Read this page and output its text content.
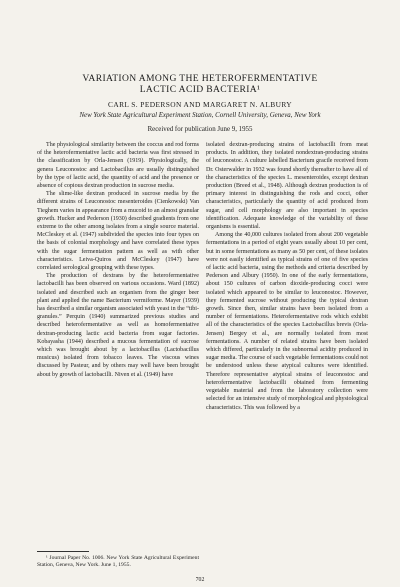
VARIATION AMONG THE HETEROFERMENTATIVE
LACTIC ACID BACTERIA¹
CARL S. PEDERSON AND MARGARET N. ALBURY
New York State Agricultural Experiment Station, Cornell University, Geneva, New York
Received for publication June 9, 1955

The physiological similarity between the coccus and rod forms of the heterofermentative lactic acid bacteria was first stressed in the classification by Orla-Jensen (1919). Physiologically, the genera Leuconostoc and Lactobacillus are usually distinguished by the type of lactic acid, the quantity of acid and the presence or absence of copious dextran production in sucrose media.

The slime-like dextran produced in sucrose media by the different strains of Leuconostoc mesenteroides (Cienkowski) Van Tieghem varies in appearance from a mucoid to an almost granular growth. Hucker and Pederson (1930) described gradients from one extreme to the other among isolates from a single source material. McCleskey et al. (1947) subdivided the species into four types on the basis of colonial morphology and have correlated these types with the sugar fermentation pattern as well as with other characteristics. Leiva-Quiros and McCleskey (1947) have correlated serological grouping with these types.

The production of dextrans by the heterofermentative lactobacilli has been observed on various occasions. Ward (1892) isolated and described such an organism from the ginger beer plant and applied the name Bacterium vermiforme. Mayer (1939) has described a similar organism associated with yeast in the “tibi-granules.” Perquin (1940) summarized previous studies and described heterofermentative as well as homofermentative dextran-producing lactic acid bacteria from sugar factories. Kobayasha (1944) described a mucous fermentation of sucrose which was brought about by a lactobacillus (Lactobacillus musicus) isolated from tobacco leaves. The viscous wines discussed by Pasteur, and by others may well have been brought about by growth of lactobacilli. Niven et al. (1949) have

isolated dextran-producing strains of lactobacilli from meat products. In addition, they isolated nondextran-producing strains of leuconostoc. A culture labelled Bacterium gracile received from Dr. Osterwalder in 1932 was found shortly thereafter to have all of the characteristics of the species L. mesenteroides, except dextran production (Breed et al., 1948). Although dextran production is of primary interest in distinguishing the rods and cocci, other characteristics, particularly the quantity of acid produced from sugar, and cell morphology are also important in species identification. Adequate knowledge of the variability of these organisms is essential.

Among the 40,000 cultures isolated from about 200 vegetable fermentations in a period of eight years usually about 10 per cent, but in some fermentations as many as 50 per cent, of these isolates were not easily identified as typical strains of one of five species of lactic acid bacteria, using the methods and criteria described by Pederson and Albury (1950). In one of the early fermentations, about 150 cultures of carbon dioxide-producing cocci were isolated which appeared to be similar to leuconostoc. However, they fermented sucrose without producing the typical dextran growth. Since then, similar strains have been isolated from a number of fermentations. Heterofermentative rods which exhibit all of the characteristics of the species Lactobacillus brevis (Orla-Jensen) Bergey et al., are normally isolated from most fermentations. A number of related strains have been isolated which differed, particularly in the subnormal acidity produced in sugar media. The course of such vegetable fermentations could not be understood unless these atypical cultures were identified. Therefore representative atypical strains of leuconostoc and heterofermentative lactobacilli obtained from fermenting vegetable material and from the laboratory collection were selected for an intensive study of morphological and physiological characteristics. This was followed by a

¹ Journal Paper No. 1006. New York State Agricultural Experiment Station, Geneva, New York. June 1, 1955.
702
